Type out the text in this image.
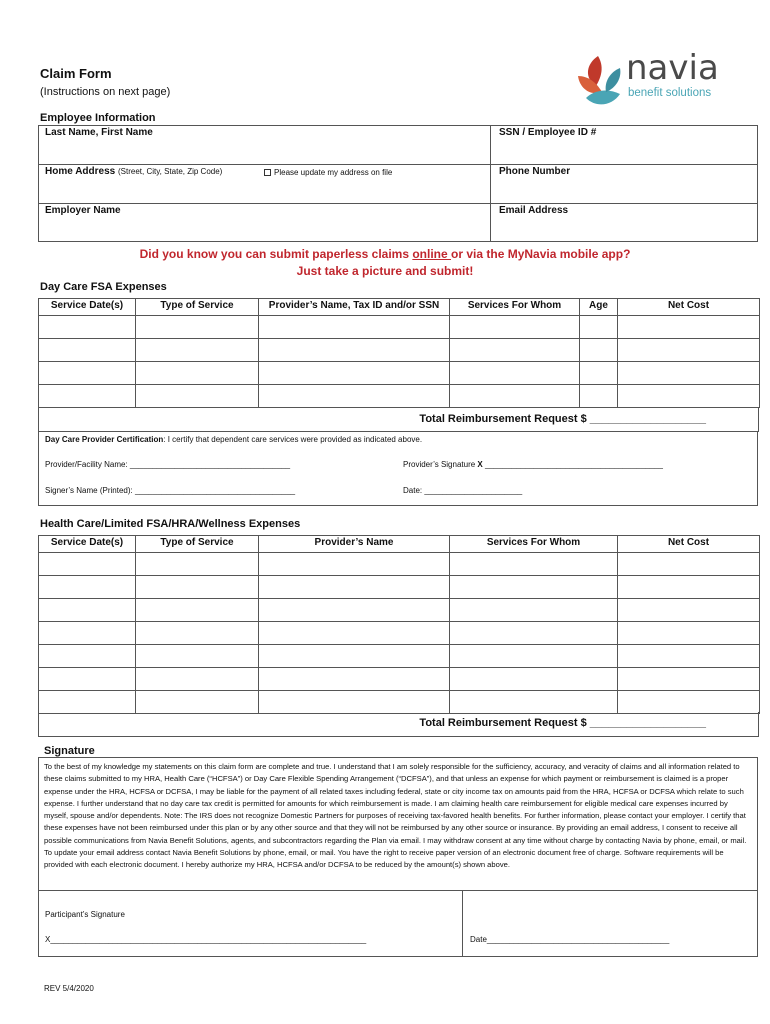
Claim Form
(Instructions on next page)
navia
benefit solutions
Employee Information
Last Name, First Name	SSN / Employee ID #
Home Address (Street, City, State, Zip Code)	Please update my address on file	Phone Number
Employer Name	Email Address
Did you know you can submit paperless claims online or via the MyNavia mobile app?
Just take a picture and submit!
Day Care FSA Expenses
Service Date(s)	Type of Service	Provider’s Name, Tax ID and/or SSN	Services For Whom	Age	Net Cost

Total Reimbursement Request $ ___________________
Day Care Provider Certification: I certify that dependent care services were provided as indicated above.
Provider/Facility Name: ____________________________________	Provider’s Signature X ________________________________________
Signer’s Name (Printed): ____________________________________	Date: ______________________
Health Care/Limited FSA/HRA/Wellness Expenses
Service Date(s)	Type of Service	Provider’s Name	Services For Whom	Net Cost

Total Reimbursement Request $ ___________________
Signature
To the best of my knowledge my statements on this claim form are complete and true. I understand that I am solely responsible for the sufficiency, accuracy, and veracity of claims and all information related to these claims submitted to my HRA, Health Care (“HCFSA”) or Day Care Flexible Spending Arrangement (“DCFSA”), and that unless an expense for which payment or reimbursement is claimed is a proper expense under the HRA, HCFSA or DCFSA, I may be liable for the payment of all related taxes including federal, state or city income tax on amounts paid from the HRA, HCFSA or DCFSA which relate to such expense. I further understand that no day care tax credit is permitted for amounts for which reimbursement is made. I am claiming health care reimbursement for eligible medical care expenses incurred by myself, spouse and/or dependents. Note: The IRS does not recognize Domestic Partners for purposes of receiving tax-favored health benefits. For further information, please contact your employer. I certify that these expenses have not been reimbursed under this plan or by any other source and that they will not be reimbursed by any other source or insurance. By providing an email address, I consent to receive all possible communications from Navia Benefit Solutions, agents, and subcontractors regarding the Plan via email. I may withdraw consent at any time without charge by contacting Navia by phone, email, or mail. To update your email address contact Navia Benefit Solutions by phone, email, or mail. You have the right to receive paper version of an electronic document free of charge. Software requirements will be provided with each electronic document. I hereby authorize my HRA, HCFSA and/or DCFSA to be reduced by the amount(s) shown above.
Participant’s Signature
X_______________________________________________________________________	Date_________________________________________
REV 5/4/2020
